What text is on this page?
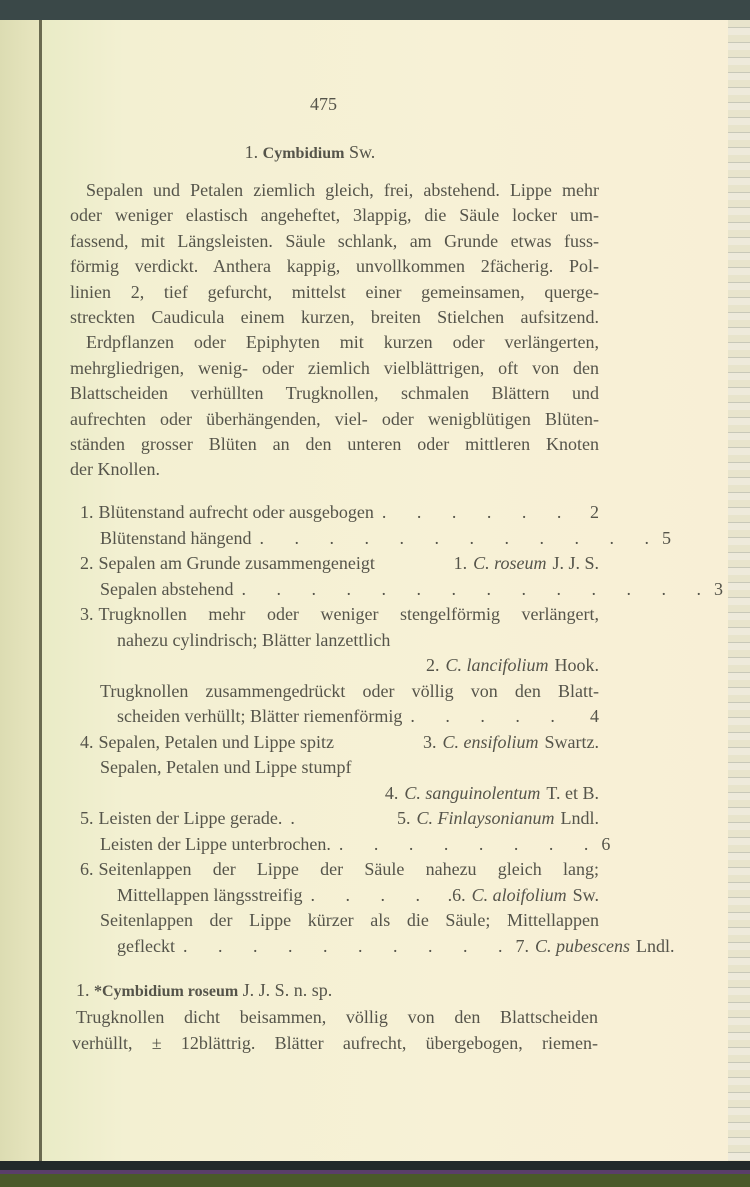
475
1. Cymbidium Sw.
Sepalen und Petalen ziemlich gleich, frei, abstehend. Lippe mehr
oder weniger elastisch angeheftet, 3lappig, die Säule locker um-
fassend, mit Längsleisten. Säule schlank, am Grunde etwas fuss-
förmig verdickt. Anthera kappig, unvollkommen 2fächerig. Pol-
linien 2, tief gefurcht, mittelst einer gemeinsamen, querge-
streckten Caudicula einem kurzen, breiten Stielchen aufsitzend.
Erdpflanzen oder Epiphyten mit kurzen oder verlängerten,
mehrgliedrigen, wenig- oder ziemlich vielblättrigen, oft von den
Blattscheiden verhüllten Trugknollen, schmalen Blättern und
aufrechten oder überhängenden, viel- oder wenigblütigen Blüten-
ständen grosser Blüten an den unteren oder mittleren Knoten
der Knollen.
1. Blütenstand aufrecht oder ausgebogen . . . . . . 2
Blütenstand hängend . . . . . . . . . . . . 5
2. Sepalen am Grunde zusammengeneigt	1. C. roseum J. J. S.
Sepalen abstehend . . . . . . . . . . . . . . 3
3. Trugknollen mehr oder weniger stengelförmig verlängert,
nahezu cylindrisch; Blätter lanzettlich
2. C. lancifolium Hook.
Trugknollen zusammengedrückt oder völlig von den Blatt-
scheiden verhüllt; Blätter riemenförmig . . . . .	4
4. Sepalen, Petalen und Lippe spitz	3. C. ensifolium Swartz.
Sepalen, Petalen und Lippe stumpf
4. C. sanguinolentum T. et B.
5. Leisten der Lippe gerade. .	5. C. Finlaysonianum Lndl.
Leisten der Lippe unterbrochen. . . . . . . . . 6
6. Seitenlappen der Lippe der Säule nahezu gleich lang;
Mittellappen längsstreifig . . . . .6. C. aloifolium Sw.
Seitenlappen der Lippe kürzer als die Säule; Mittellappen
gefleckt . . . . . . . . . . 7. C. pubescens Lndl.
1. *Cymbidium roseum J. J. S. n. sp.
Trugknollen dicht beisammen, völlig von den Blattscheiden
verhüllt, ± 12blättrig. Blätter aufrecht, übergebogen, riemen-
